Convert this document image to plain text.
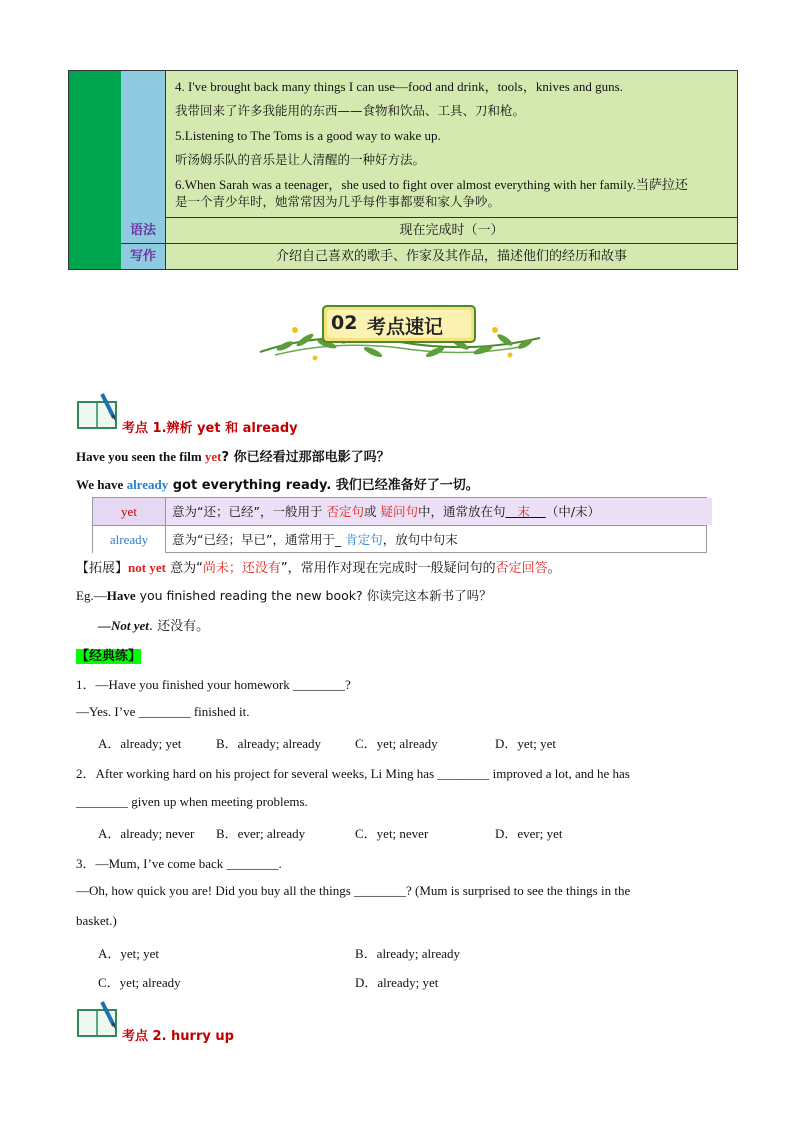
4. I've brought back many things I can use—food and drink，tools，knives and guns.
我带回来了许多我能用的东西——食物和饮品、工具、刀和枪。
5.Listening to The Toms is a good way to wake up.
听汤姆乐队的音乐是让人清醒的一种好方法。
6.When Sarah was a teenager，she used to fight over almost everything with her family.当萨拉还
是一个青少年时，她常常因为几乎每件事都要和家人争吵。
语法	现在完成时（一）
写作	介绍自己喜欢的歌手、作家及其作品，描述他们的经历和故事
02 考点速记
考点 1.辨析 yet 和 already
Have you seen the film yet? 你已经看过那部电影了吗？
We have already got everything ready. 我们已经准备好了一切。
yet	意为“还；已经”，一般用于 否定句或 疑问句中，通常放在句 末 （中/末）
already	意为“已经；早已”，通常用于_ 肯定句，放句中句末
【拓展】not yet 意为“尚未；还没有”，常用作对现在完成时一般疑问句的否定回答。
Eg.—Have you finished reading the new book? 你读完这本新书了吗？
—Not yet. 还没有。
【经典练】
1．—Have you finished your homework ________?
—Yes. I’ve ________ finished it.
A．already; yet	B．already; already	C．yet; already	D．yet; yet
2．After working hard on his project for several weeks, Li Ming has ________ improved a lot, and he has
________ given up when meeting problems.
A．already; never B．ever; already	C．yet; never	D．ever; yet
3．—Mum, I’ve come back ________.
—Oh, how quick you are! Did you buy all the things ________? (Mum is surprised to see the things in the
basket.)
A．yet; yet	B．already; already
C．yet; already	D．already; yet
考点 2. hurry up
